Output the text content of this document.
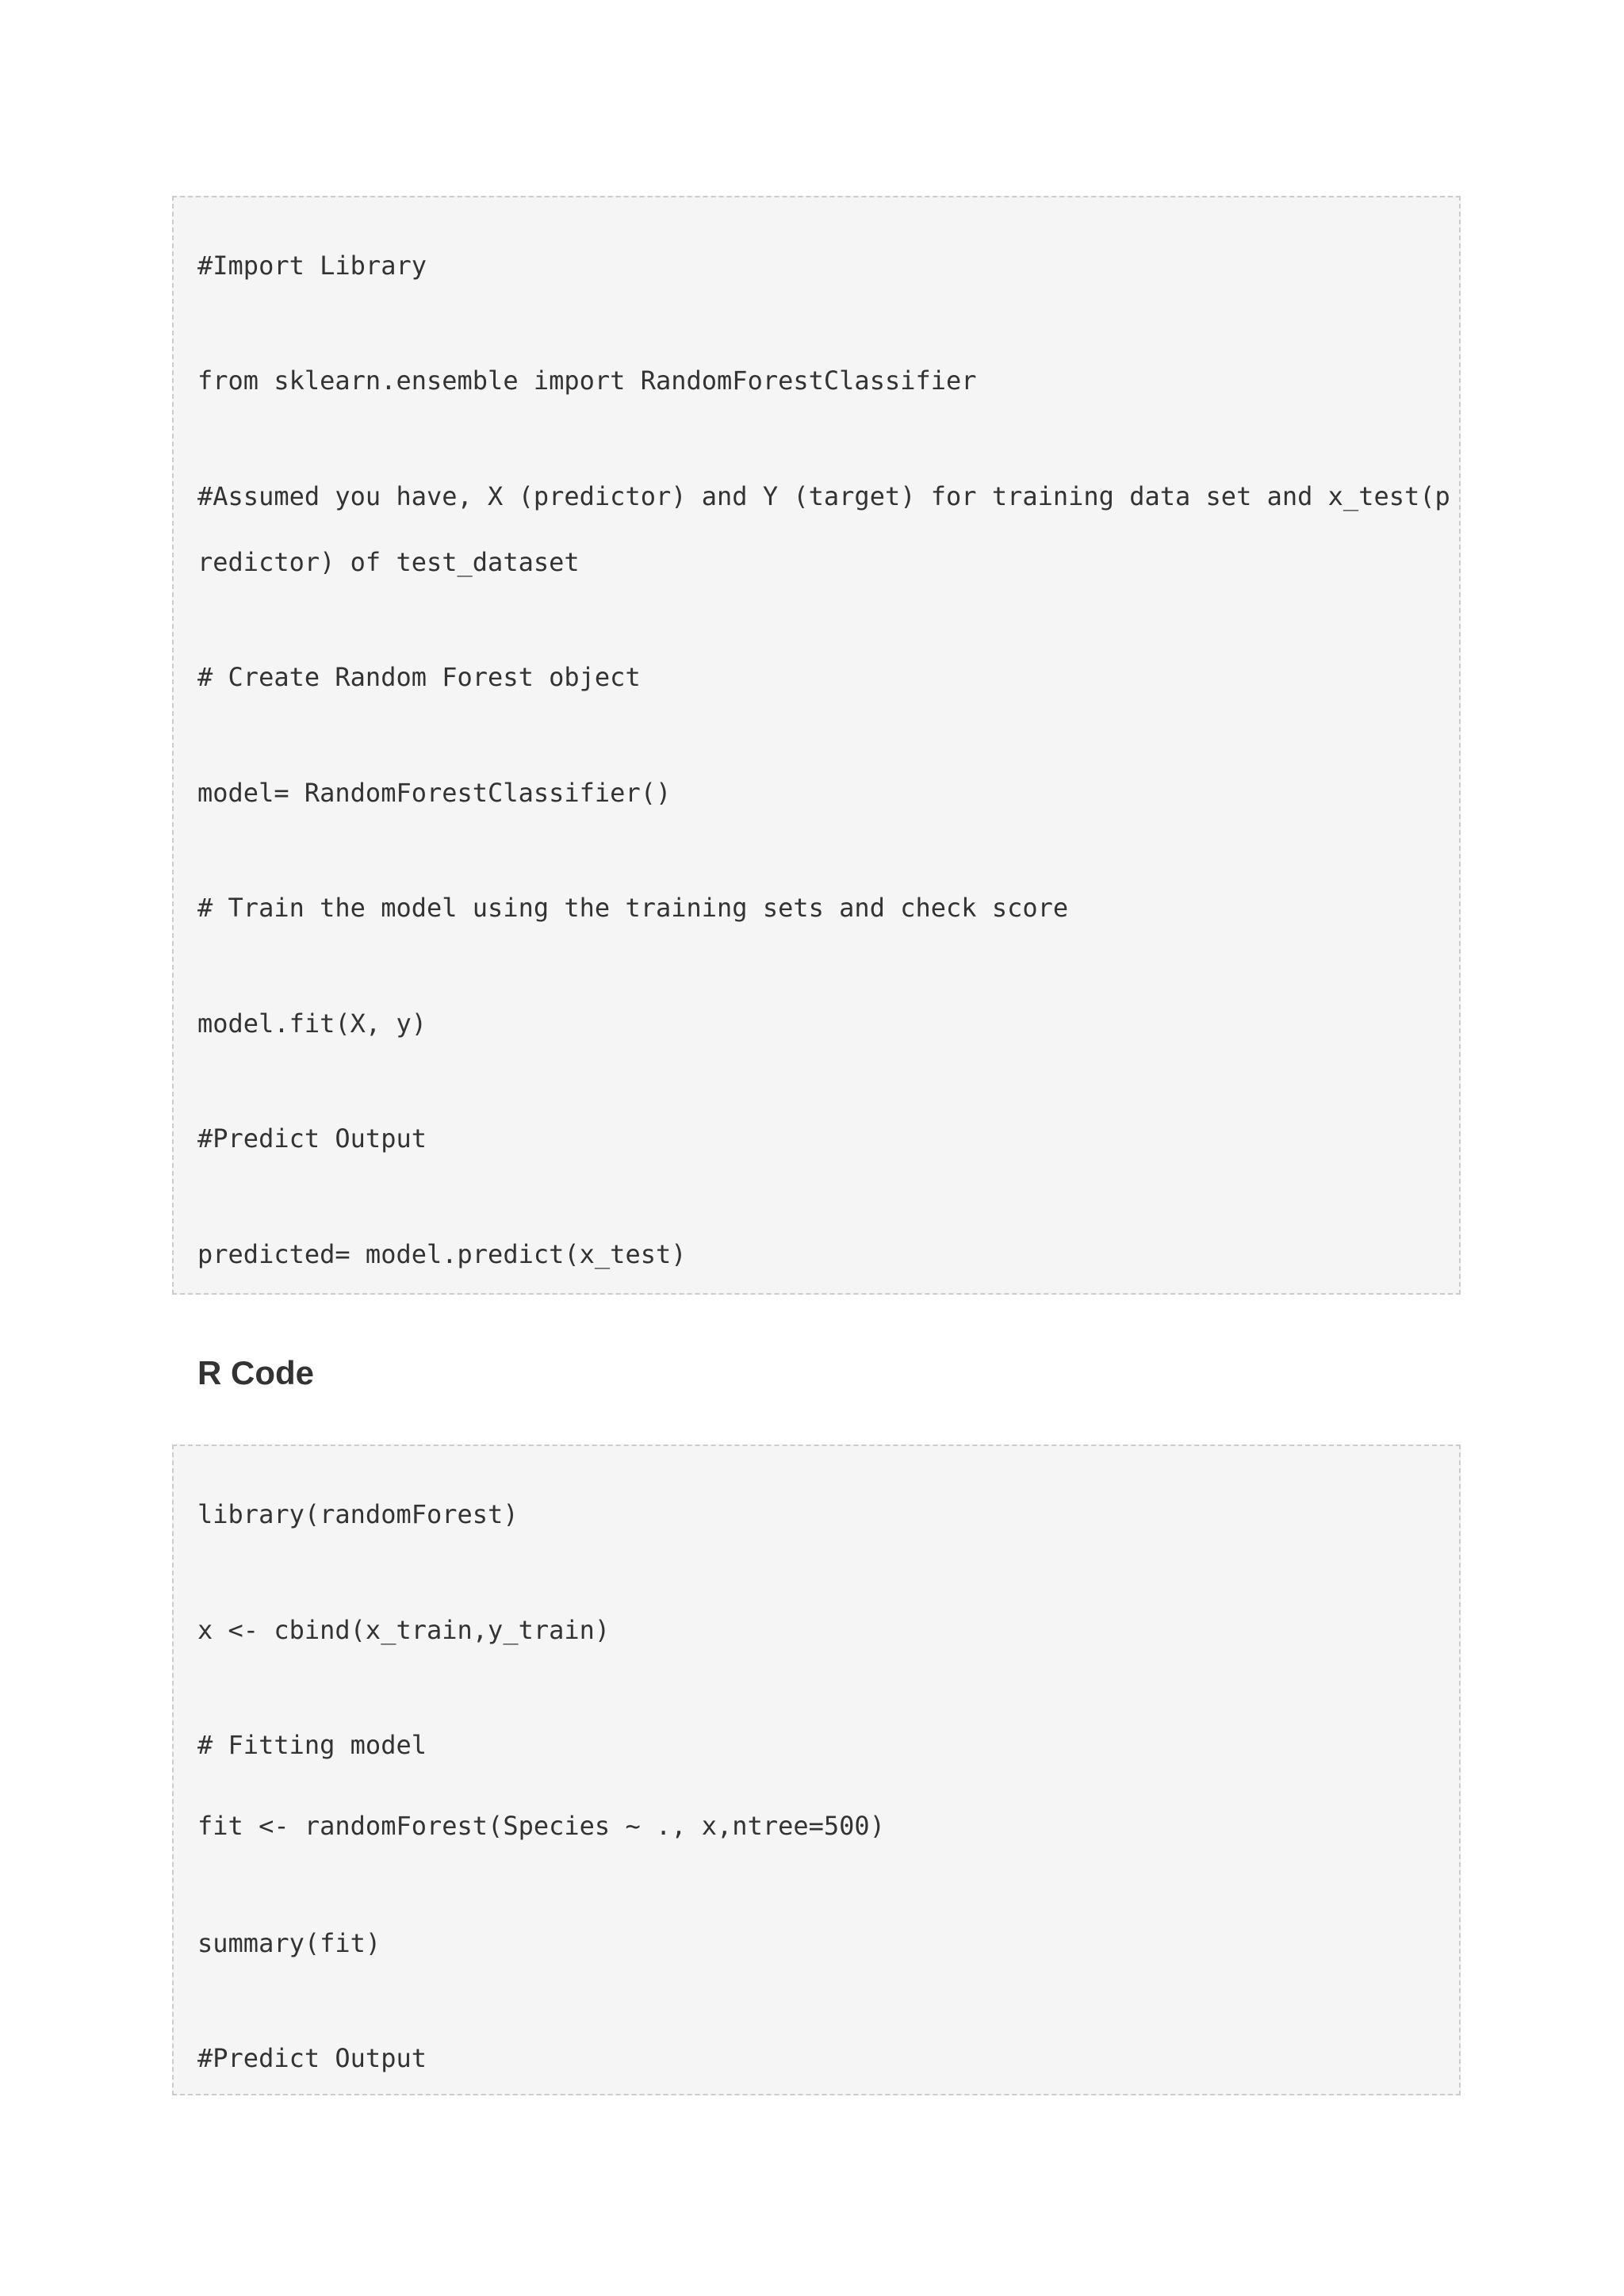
#Import Library
from sklearn.ensemble import RandomForestClassifier
#Assumed you have, X (predictor) and Y (target) for training data set and x_test(p
redictor) of test_dataset
# Create Random Forest object
model= RandomForestClassifier()
# Train the model using the training sets and check score
model.fit(X, y)
#Predict Output
predicted= model.predict(x_test)
R Code
library(randomForest)
x <- cbind(x_train,y_train)
# Fitting model
fit <- randomForest(Species ~ ., x,ntree=500)
summary(fit)
#Predict Output
